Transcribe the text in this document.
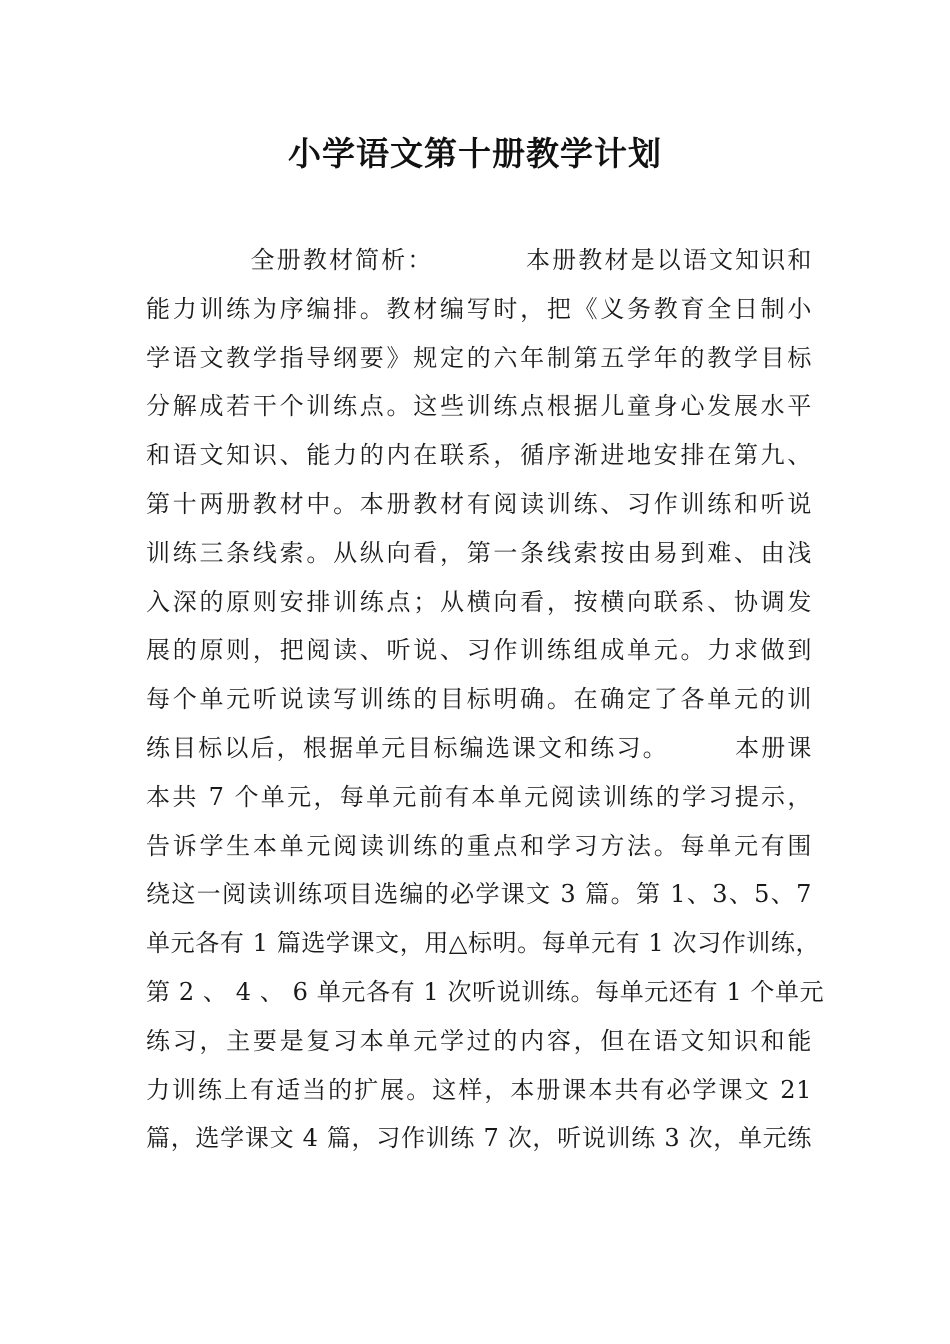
小学语文第十册教学计划
　　　　全册教材简析：　　　　本册教材是以语文知识和
能力训练为序编排。教材编写时，把《义务教育全日制小
学语文教学指导纲要》规定的六年制第五学年的教学目标
分解成若干个训练点。这些训练点根据儿童身心发展水平
和语文知识、能力的内在联系，循序渐进地安排在第九、
第十两册教材中。本册教材有阅读训练、习作训练和听说
训练三条线索。从纵向看，第一条线索按由易到难、由浅
入深的原则安排训练点；从横向看，按横向联系、协调发
展的原则，把阅读、听说、习作训练组成单元。力求做到
每个单元听说读写训练的目标明确。在确定了各单元的训
练目标以后，根据单元目标编选课文和练习。　　　本册课
本共 7 个单元，每单元前有本单元阅读训练的学习提示，
告诉学生本单元阅读训练的重点和学习方法。每单元有围
绕这一阅读训练项目选编的必学课文 3 篇。第 1、3、5、7
单元各有 1 篇选学课文，用△标明。每单元有 1 次习作训练，
第 2 、 4 、 6 单元各有 1 次听说训练。每单元还有 1 个单元
练习，主要是复习本单元学过的内容，但在语文知识和能
力训练上有适当的扩展。这样，本册课本共有必学课文 21
篇，选学课文 4 篇，习作训练 7 次，听说训练 3 次，单元练
